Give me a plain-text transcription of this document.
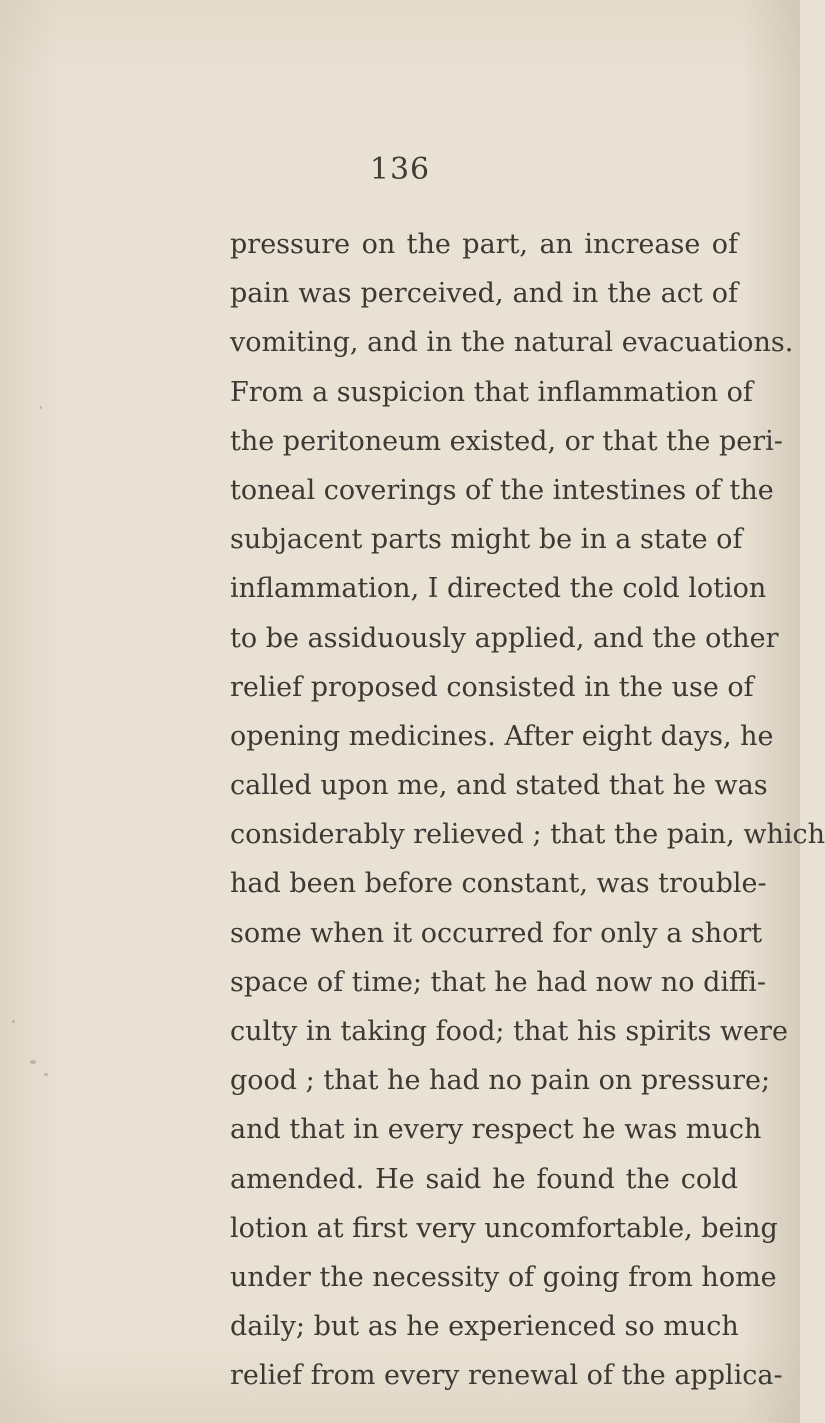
136
pressure on the part, an increase of
pain was perceived, and in the act of
vomiting, and in the natural evacuations.
From a suspicion that inflammation of
the peritoneum existed, or that the peri-
toneal coverings of the intestines of the
subjacent parts might be in a state of
inflammation, I directed the cold lotion
to be assiduously applied, and the other
relief proposed consisted in the use of
opening medicines. After eight days, he
called upon me, and stated that he was
considerably relieved ; that the pain, which
had been before constant, was trouble-
some when it occurred for only a short
space of time; that he had now no diffi-
culty in taking food; that his spirits were
good ; that he had no pain on pressure;
and that in every respect he was much
amended. He said he found the cold
lotion at first very uncomfortable, being
under the necessity of going from home
daily; but as he experienced so much
relief from every renewal of the applica-
